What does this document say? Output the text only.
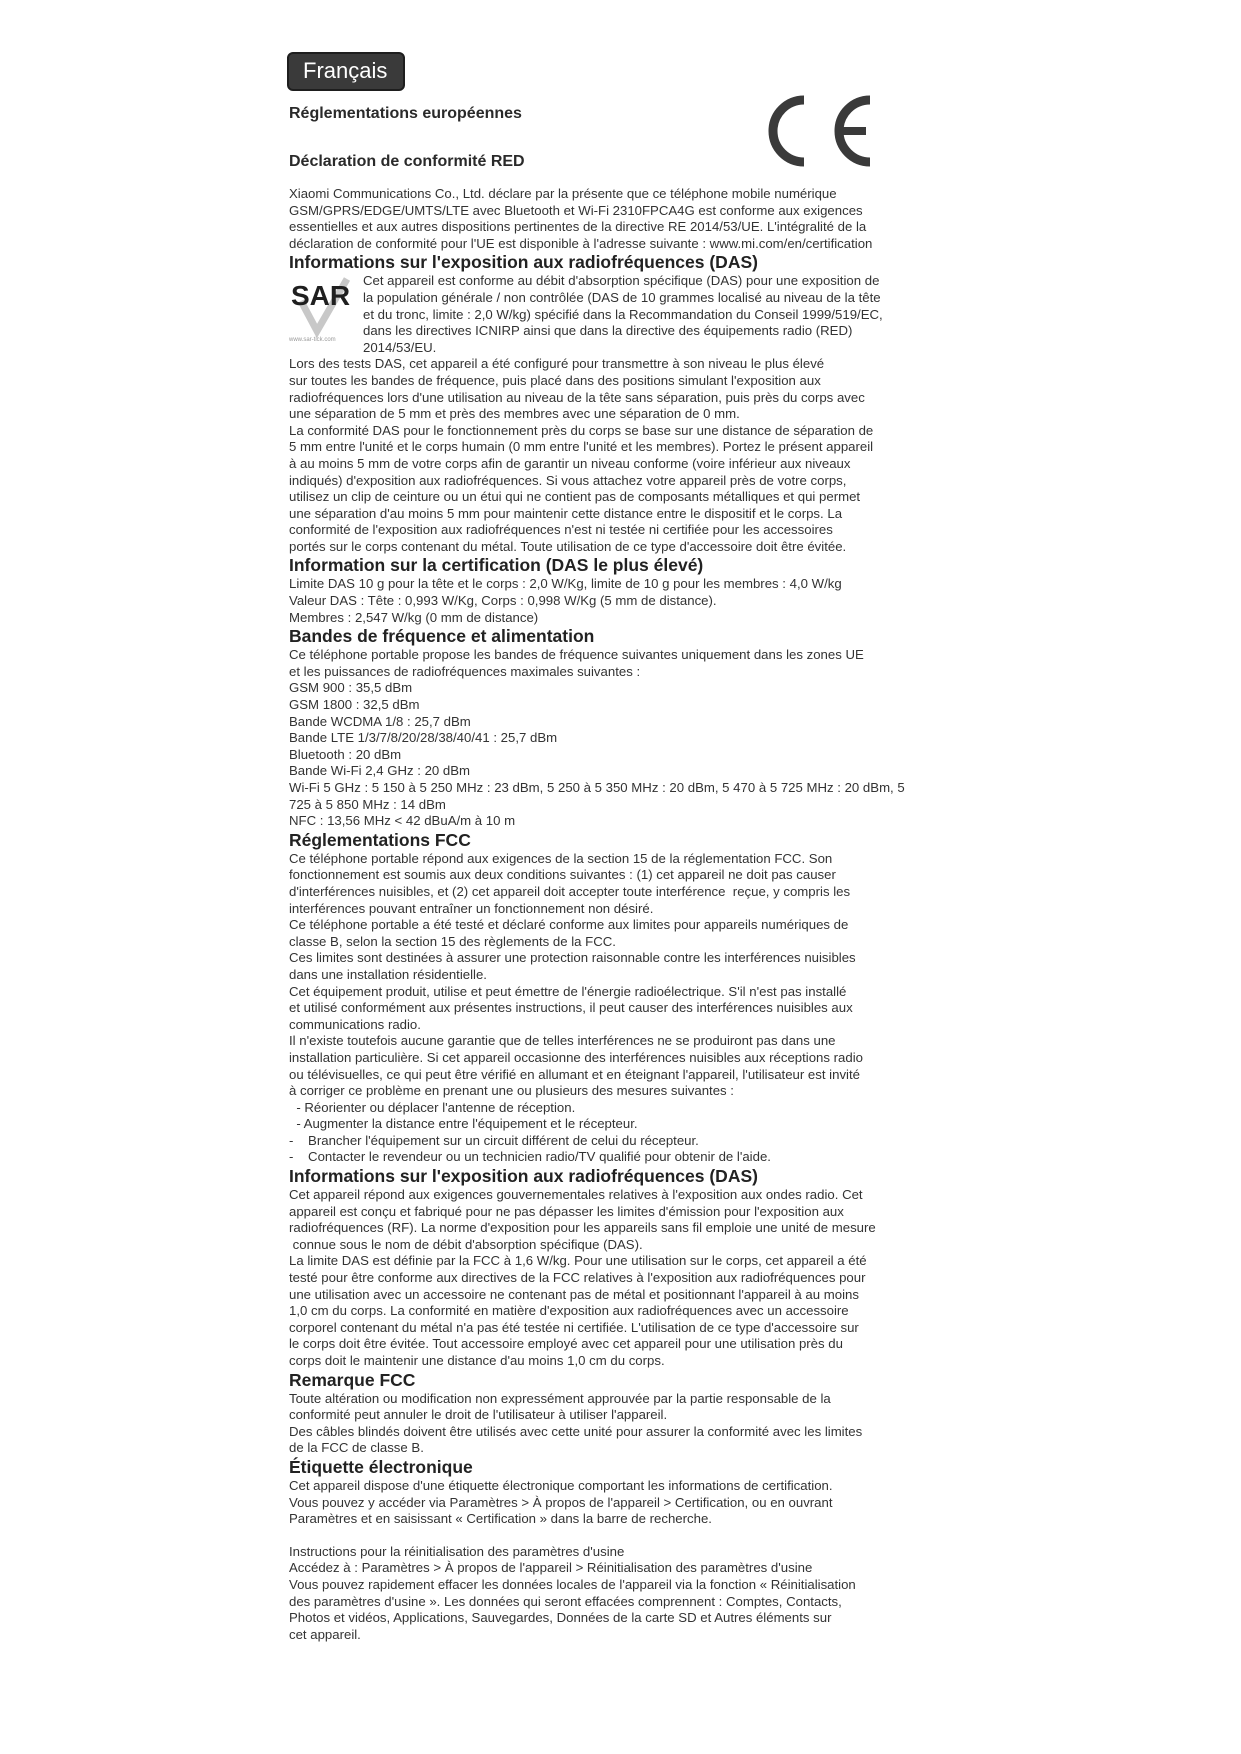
Français
Réglementations européennes
Déclaration de conformité RED
Xiaomi Communications Co., Ltd. déclare par la présente que ce téléphone mobile numérique
GSM/GPRS/EDGE/UMTS/LTE avec Bluetooth et Wi-Fi 2310FPCA4G est conforme aux exigences
essentielles et aux autres dispositions pertinentes de la directive RE 2014/53/UE. L'intégralité de la
déclaration de conformité pour l'UE est disponible à l'adresse suivante : www.mi.com/en/certification
Informations sur l'exposition aux radiofréquences (DAS)
SAR
www.sar-tick.com
Cet appareil est conforme au débit d'absorption spécifique (DAS) pour une exposition de
la population générale / non contrôlée (DAS de 10 grammes localisé au niveau de la tête
et du tronc, limite : 2,0 W/kg) spécifié dans la Recommandation du Conseil 1999/519/EC,
dans les directives ICNIRP ainsi que dans la directive des équipements radio (RED)
2014/53/EU.
Lors des tests DAS, cet appareil a été configuré pour transmettre à son niveau le plus élevé
sur toutes les bandes de fréquence, puis placé dans des positions simulant l'exposition aux
radiofréquences lors d'une utilisation au niveau de la tête sans séparation, puis près du corps avec
une séparation de 5 mm et près des membres avec une séparation de 0 mm.
La conformité DAS pour le fonctionnement près du corps se base sur une distance de séparation de
5 mm entre l'unité et le corps humain (0 mm entre l'unité et les membres). Portez le présent appareil
à au moins 5 mm de votre corps afin de garantir un niveau conforme (voire inférieur aux niveaux
indiqués) d'exposition aux radiofréquences. Si vous attachez votre appareil près de votre corps,
utilisez un clip de ceinture ou un étui qui ne contient pas de composants métalliques et qui permet
une séparation d'au moins 5 mm pour maintenir cette distance entre le dispositif et le corps. La
conformité de l'exposition aux radiofréquences n'est ni testée ni certifiée pour les accessoires
portés sur le corps contenant du métal. Toute utilisation de ce type d'accessoire doit être évitée.
Information sur la certification (DAS le plus élevé)
Limite DAS 10 g pour la tête et le corps : 2,0 W/Kg, limite de 10 g pour les membres : 4,0 W/kg
Valeur DAS : Tête : 0,993 W/Kg, Corps : 0,998 W/Kg (5 mm de distance).
Membres : 2,547 W/kg (0 mm de distance)
Bandes de fréquence et alimentation
Ce téléphone portable propose les bandes de fréquence suivantes uniquement dans les zones UE
et les puissances de radiofréquences maximales suivantes :
GSM 900 : 35,5 dBm
GSM 1800 : 32,5 dBm
Bande WCDMA 1/8 : 25,7 dBm
Bande LTE 1/3/7/8/20/28/38/40/41 : 25,7 dBm
Bluetooth : 20 dBm
Bande Wi-Fi 2,4 GHz : 20 dBm
Wi-Fi 5 GHz : 5 150 à 5 250 MHz : 23 dBm, 5 250 à 5 350 MHz : 20 dBm, 5 470 à 5 725 MHz : 20 dBm, 5
725 à 5 850 MHz : 14 dBm
NFC : 13,56 MHz < 42 dBuA/m à 10 m
Réglementations FCC
Ce téléphone portable répond aux exigences de la section 15 de la réglementation FCC. Son
fonctionnement est soumis aux deux conditions suivantes : (1) cet appareil ne doit pas causer
d'interférences nuisibles, et (2) cet appareil doit accepter toute interférence  reçue, y compris les
interférences pouvant entraîner un fonctionnement non désiré.
Ce téléphone portable a été testé et déclaré conforme aux limites pour appareils numériques de
classe B, selon la section 15 des règlements de la FCC.
Ces limites sont destinées à assurer une protection raisonnable contre les interférences nuisibles
dans une installation résidentielle.
Cet équipement produit, utilise et peut émettre de l'énergie radioélectrique. S'il n'est pas installé
et utilisé conformément aux présentes instructions, il peut causer des interférences nuisibles aux
communications radio.
Il n'existe toutefois aucune garantie que de telles interférences ne se produiront pas dans une
installation particulière. Si cet appareil occasionne des interférences nuisibles aux réceptions radio
ou télévisuelles, ce qui peut être vérifié en allumant et en éteignant l'appareil, l'utilisateur est invité
à corriger ce problème en prenant une ou plusieurs des mesures suivantes :
- Réorienter ou déplacer l'antenne de réception.
- Augmenter la distance entre l'équipement et le récepteur.
-    Brancher l'équipement sur un circuit différent de celui du récepteur.
-    Contacter le revendeur ou un technicien radio/TV qualifié pour obtenir de l'aide.
Informations sur l'exposition aux radiofréquences (DAS)
Cet appareil répond aux exigences gouvernementales relatives à l'exposition aux ondes radio. Cet
appareil est conçu et fabriqué pour ne pas dépasser les limites d'émission pour l'exposition aux
radiofréquences (RF). La norme d'exposition pour les appareils sans fil emploie une unité de mesure
connue sous le nom de débit d'absorption spécifique (DAS).
La limite DAS est définie par la FCC à 1,6 W/kg. Pour une utilisation sur le corps, cet appareil a été
testé pour être conforme aux directives de la FCC relatives à l'exposition aux radiofréquences pour
une utilisation avec un accessoire ne contenant pas de métal et positionnant l'appareil à au moins
1,0 cm du corps. La conformité en matière d'exposition aux radiofréquences avec un accessoire
corporel contenant du métal n'a pas été testée ni certifiée. L'utilisation de ce type d'accessoire sur
le corps doit être évitée. Tout accessoire employé avec cet appareil pour une utilisation près du
corps doit le maintenir une distance d'au moins 1,0 cm du corps.
Remarque FCC
Toute altération ou modification non expressément approuvée par la partie responsable de la
conformité peut annuler le droit de l'utilisateur à utiliser l'appareil.
Des câbles blindés doivent être utilisés avec cette unité pour assurer la conformité avec les limites
de la FCC de classe B.
Étiquette électronique
Cet appareil dispose d'une étiquette électronique comportant les informations de certification.
Vous pouvez y accéder via Paramètres > À propos de l'appareil > Certification, ou en ouvrant
Paramètres et en saisissant « Certification » dans la barre de recherche.
Instructions pour la réinitialisation des paramètres d'usine
Accédez à : Paramètres > À propos de l'appareil > Réinitialisation des paramètres d'usine
Vous pouvez rapidement effacer les données locales de l'appareil via la fonction « Réinitialisation
des paramètres d'usine ». Les données qui seront effacées comprennent : Comptes, Contacts,
Photos et vidéos, Applications, Sauvegardes, Données de la carte SD et Autres éléments sur
cet appareil.
